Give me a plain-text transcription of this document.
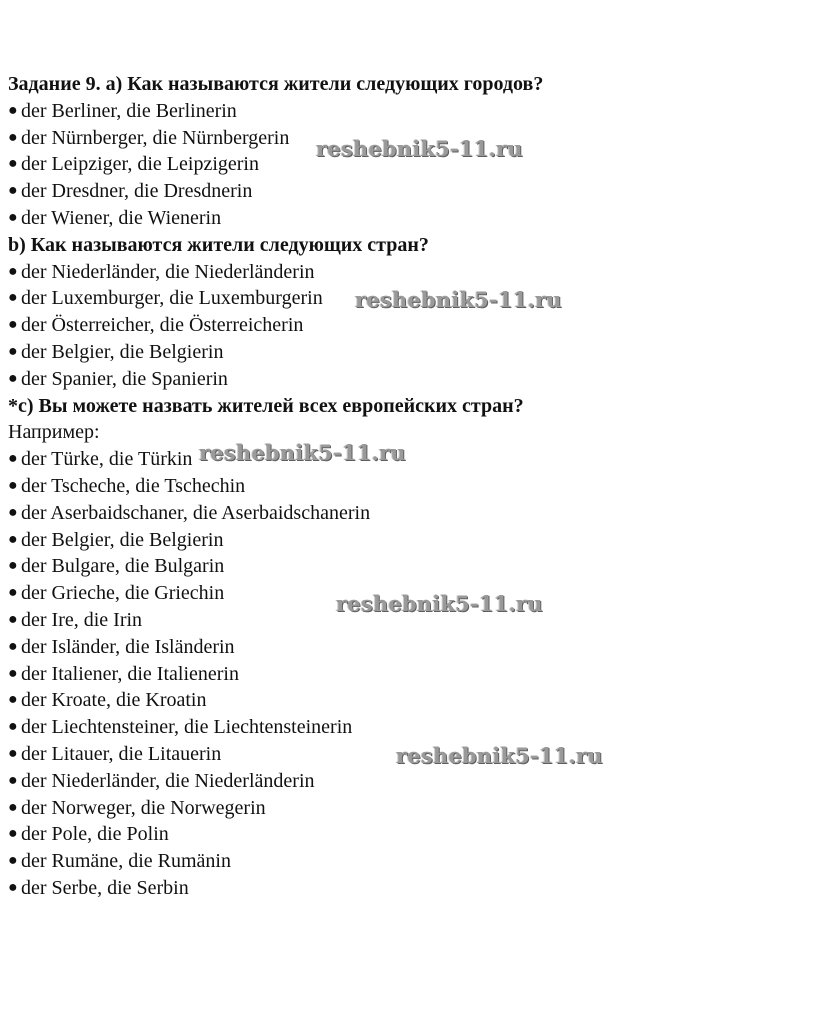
Задание 9. a) Как называются жители следующих городов?
● der Berliner, die Berlinerin
● der Nürnberger, die Nürnbergerin
● der Leipziger, die Leipzigerin
● der Dresdner, die Dresdnerin
● der Wiener, die Wienerin
b) Как называются жители следующих стран?
● der Niederländer, die Niederländerin
● der Luxemburger, die Luxemburgerin
● der Österreicher, die Österreicherin
● der Belgier, die Belgierin
● der Spanier, die Spanierin
*c) Вы можете назвать жителей всех европейских стран?
Например:
● der Türke, die Türkin
● der Tscheche, die Tschechin
● der Aserbaidschaner, die Aserbaidschanerin
● der Belgier, die Belgierin
● der Bulgare, die Bulgarin
● der Grieche, die Griechin
● der Ire, die Irin
● der Isländer, die Isländerin
● der Italiener, die Italienerin
● der Kroate, die Kroatin
● der Liechtensteiner, die Liechtensteinerin
● der Litauer, die Litauerin
● der Niederländer, die Niederländerin
● der Norweger, die Norwegerin
● der Pole, die Polin
● der Rumäne, die Rumänin
● der Serbe, die Serbin
reshebnik5-11.ru
reshebnik5-11.ru
reshebnik5-11.ru
reshebnik5-11.ru
reshebnik5-11.ru
